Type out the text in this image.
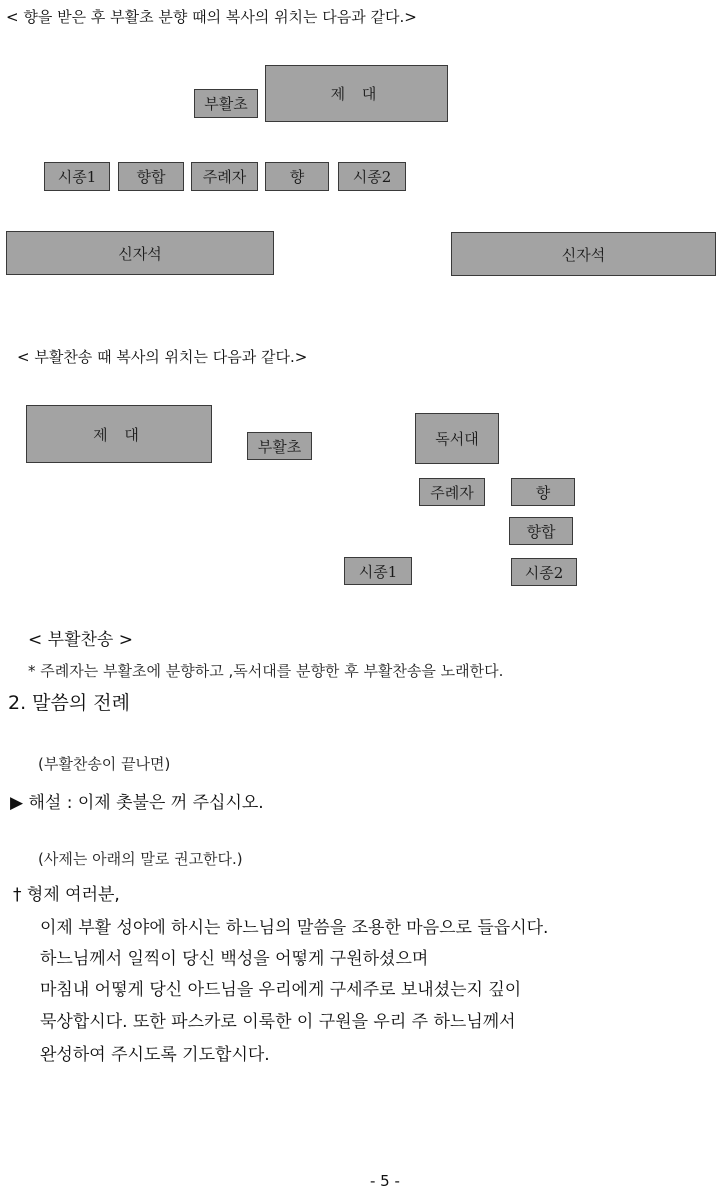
< 향을 받은 후 부활초 분향 때의 복사의 위치는 다음과 같다.>
부활초
제 대
시종1	향합	주례자	향	시종2
신자석	신자석
< 부활찬송 때 복사의 위치는 다음과 같다.>
제 대
부활초	독서대
주례자	향
향합
시종1	시종2
< 부활찬송 >
* 주례자는 부활초에 분향하고 ,독서대를 분향한 후 부활찬송을 노래한다.
2. 말씀의 전례
(부활찬송이 끝나면)
▶ 해설 : 이제 촛불은 꺼 주십시오.
(사제는 아래의 말로 권고한다.)
† 형제 여러분,
이제 부활 성야에 하시는 하느님의 말씀을 조용한 마음으로 들읍시다.
하느님께서 일찍이 당신 백성을 어떻게 구원하셨으며
마침내 어떻게 당신 아드님을 우리에게 구세주로 보내셨는지 깊이
묵상합시다. 또한 파스카로 이룩한 이 구원을 우리 주 하느님께서
완성하여 주시도록 기도합시다.
- 5 -
